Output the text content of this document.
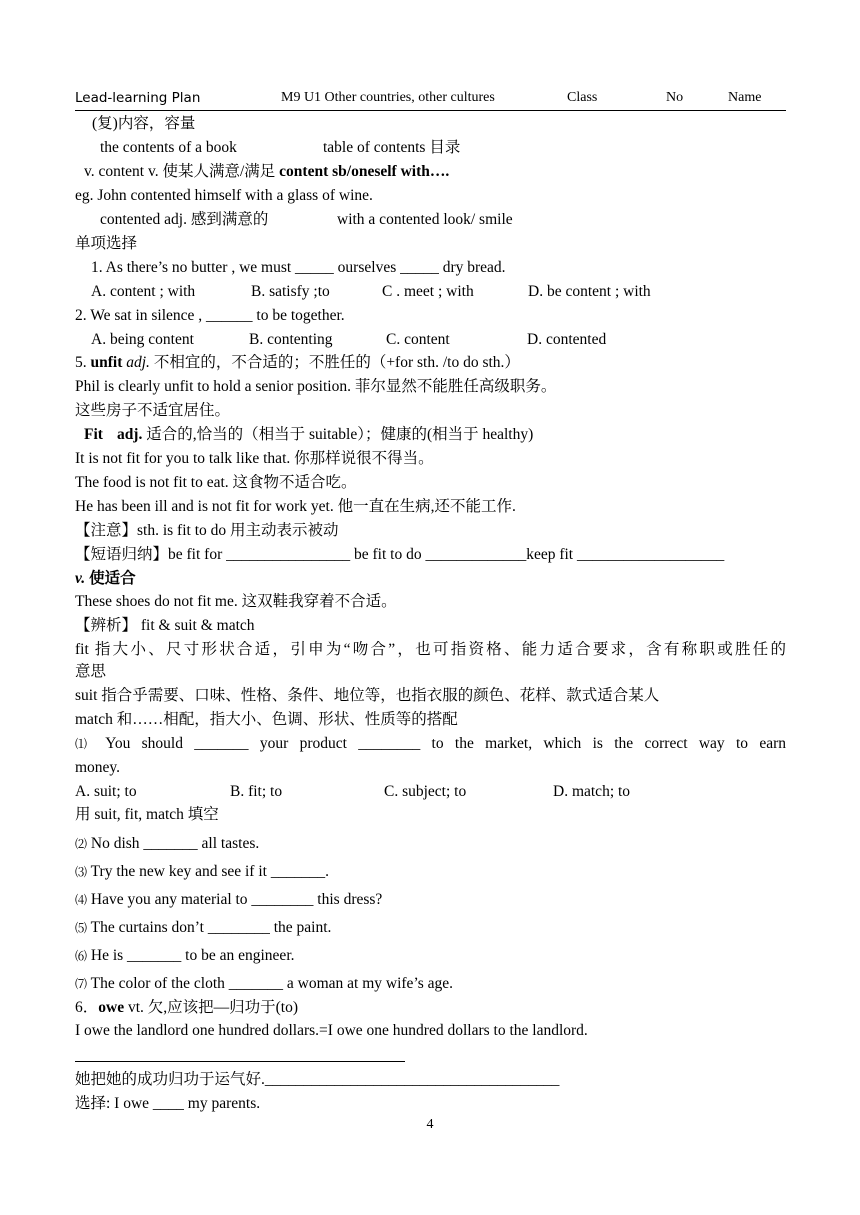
Lead-learning Plan	M9 U1 Other countries, other cultures	Class	No	Name
(复)内容，容量
the contents of a book	table of contents 目录
v. content v. 使某人满意/满足 content sb/oneself with….
eg. John contented himself with a glass of wine.
contented adj. 感到满意的	with a contented look/ smile
单项选择
1. As there’s no butter , we must _____ ourselves _____ dry bread.
A. content ; with	B. satisfy ;to	C . meet ; with	D. be content ; with
2. We sat in silence , ______ to be together.
A. being content	B. contenting	C. content	D. contented
5. unfit adj. 不相宜的，不合适的；不胜任的（+for sth. /to do sth.）
Phil is clearly unfit to hold a senior position. 菲尔显然不能胜任高级职务。
这些房子不适宜居住。
Fit adj. 适合的,恰当的（相当于 suitable）；健康的(相当于 healthy)
It is not fit for you to talk like that. 你那样说很不得当。
The food is not fit to eat. 这食物不适合吃。
He has been ill and is not fit for work yet. 他一直在生病,还不能工作.
【注意】sth. is fit to do 用主动表示被动
【短语归纳】be fit for ________________ be fit to do _____________keep fit ___________________
v. 使适合
These shoes do not fit me. 这双鞋我穿着不合适。
【辨析】 fit & suit & match
fit 指大小、尺寸形状合适，引申为“吻合”，也可指资格、能力适合要求，含有称职或胜任的
意思
suit 指合乎需要、口味、性格、条件、地位等，也指衣服的颜色、花样、款式适合某人
match 和……相配，指大小、色调、形状、性质等的搭配
⑴ You should _______ your product ________ to the market, which is the correct way to earn
money.
A. suit; to	B. fit; to	C. subject; to	D. match; to
用 suit, fit, match 填空
⑵ No dish _______ all tastes.
⑶ Try the new key and see if it _______.
⑷ Have you any material to ________ this dress?
⑸ The curtains don’t ________ the paint.
⑹ He is _______ to be an engineer.
⑺ The color of the cloth _______ a woman at my wife’s age.
6．owe vt. 欠,应该把—归功于(to)
I owe the landlord one hundred dollars.=I owe one hundred dollars to the landlord.
她把她的成功归功于运气好.______________________________________
选择: I owe ____ my parents.
4
